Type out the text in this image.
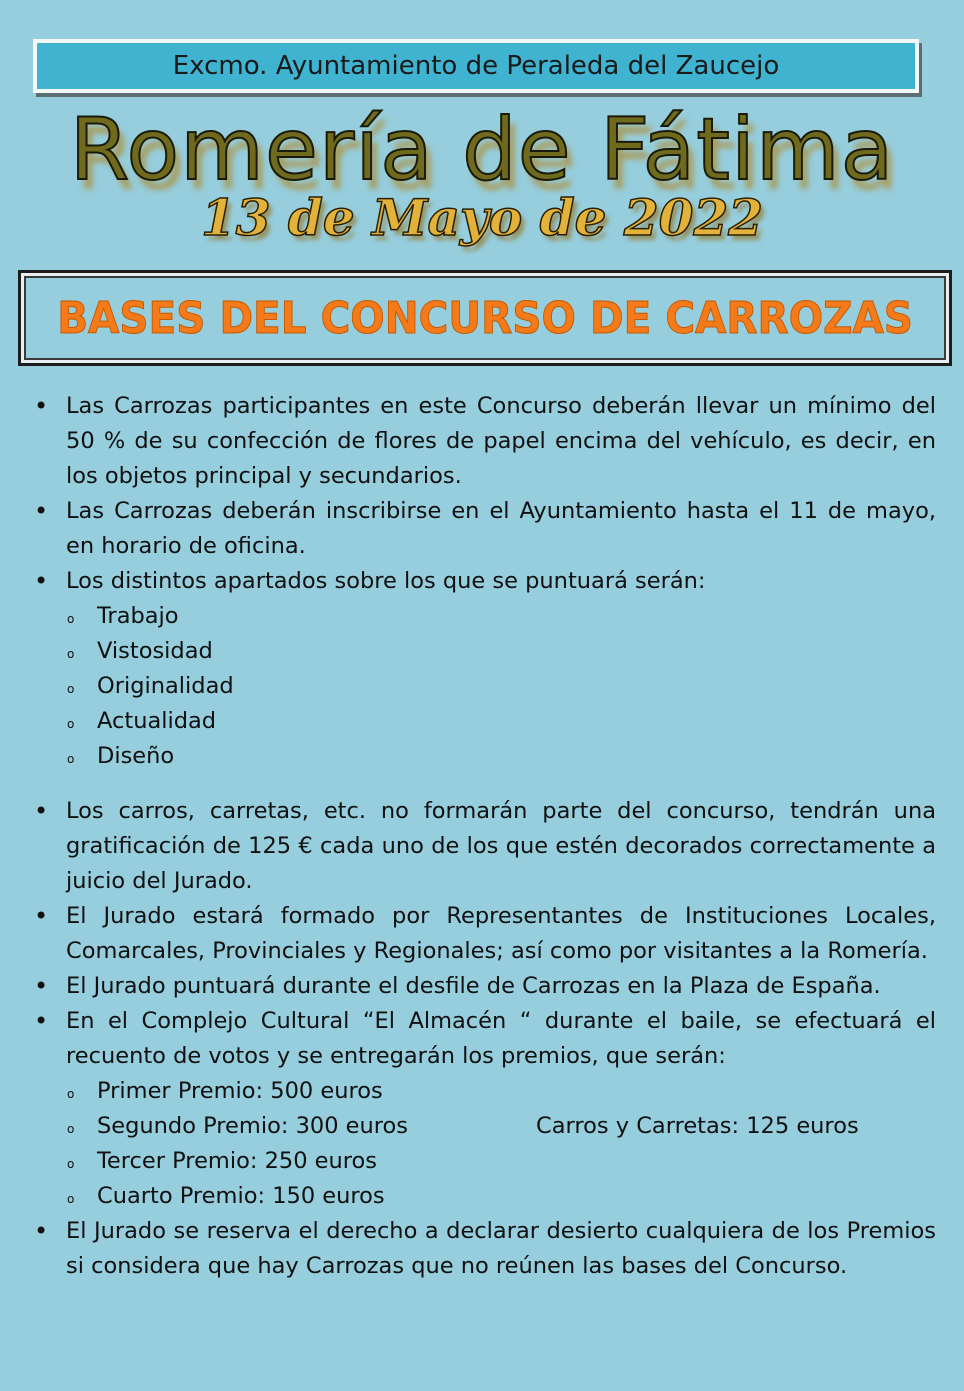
Excmo. Ayuntamiento de Peraleda del Zaucejo
Romería de Fátima
13 de Mayo de 2022
BASES DEL CONCURSO DE CARROZAS
• Las Carrozas participantes en este Concurso deberán llevar un mínimo del 50 % de su confección de flores de papel encima del vehículo, es decir, en los objetos principal y secundarios.
• Las Carrozas deberán inscribirse en el Ayuntamiento hasta el 11 de mayo, en horario de oficina.
• Los distintos apartados sobre los que se puntuará serán:
o Trabajo
o Vistosidad
o Originalidad
o Actualidad
o Diseño
• Los carros, carretas, etc. no formarán parte del concurso, tendrán una gratificación de 125 € cada uno de los que estén decorados correctamente a juicio del Jurado.
• El Jurado estará formado por Representantes de Instituciones Locales, Comarcales, Provinciales y Regionales; así como por visitantes a la Romería.
• El Jurado puntuará durante el desfile de Carrozas en la Plaza de España.
• En el Complejo Cultural “El Almacén “ durante el baile, se efectuará el recuento de votos y se entregarán los premios, que serán:
o Primer Premio: 500 euros
o Segundo Premio: 300 euros	Carros y Carretas: 125 euros
o Tercer Premio: 250 euros
o Cuarto Premio: 150 euros
• El Jurado se reserva el derecho a declarar desierto cualquiera de los Premios si considera que hay Carrozas que no reúnen las bases del Concurso.
